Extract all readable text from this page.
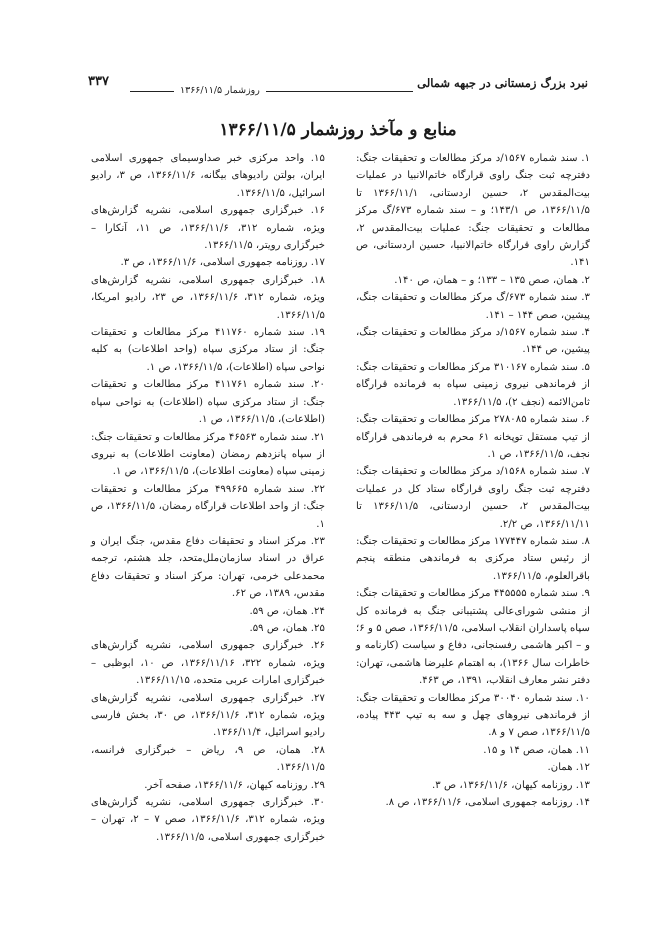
نبرد بزرگ زمستانی در جبهه شمالی
روزشمار ۱۳۶۶/۱۱/۵
۳۳۷
منابع و مآخذ روزشمار ۱۳۶۶/۱۱/۵

۱. سند شماره ۱۵۶۷/د مرکز مطالعات و تحقیقات جنگ: دفترچه ثبت جنگ راوی قرارگاه خاتم‌الانبیا در عملیات بیت‌المقدس ۲، حسین اردستانی، ۱۳۶۶/۱۱/۱ تا ۱۳۶۶/۱۱/۵، ص ۱۴۳/۱؛ و – سند شماره ۶۷۳/گ مرکز مطالعات و تحقیقات جنگ: عملیات بیت‌المقدس ۲، گزارش راوی قرارگاه خاتم‌الانبیا، حسین اردستانی، ص ۱۴۱.

۲. همان، صص ۱۳۵ – ۱۳۳؛ و – همان، ص ۱۴۰.

۳. سند شماره ۶۷۳/گ مرکز مطالعات و تحقیقات جنگ، پیشین، صص ۱۴۴ – ۱۴۱.

۴. سند شماره ۱۵۶۷/د مرکز مطالعات و تحقیقات جنگ، پیشین، ص ۱۴۴.

۵. سند شماره ۳۱۰۱۶۷ مرکز مطالعات و تحقیقات جنگ: از فرماندهی نیروی زمینی سپاه به فرمانده قرارگاه ثامن‌الائمه (نجف ۲)، ۱۳۶۶/۱۱/۵.

۶. سند شماره ۲۷۸۰۸۵ مرکز مطالعات و تحقیقات جنگ: از تیپ مستقل توپخانه ۶۱ محرم به فرماندهی قرارگاه نجف، ۱۳۶۶/۱۱/۵، ص ۱.

۷. سند شماره ۱۵۶۸/د مرکز مطالعات و تحقیقات جنگ: دفترچه ثبت جنگ راوی قرارگاه ستاد کل در عملیات بیت‌المقدس ۲، حسین اردستانی، ۱۳۶۶/۱۱/۵ تا ۱۳۶۶/۱۱/۱۱، ص ۲/۲.

۸. سند شماره ۱۷۷۴۴۷ مرکز مطالعات و تحقیقات جنگ: از رئیس ستاد مرکزی به فرماندهی منطقه پنجم باقرالعلوم، ۱۳۶۶/۱۱/۵.

۹. سند شماره ۴۴۵۵۵۵ مرکز مطالعات و تحقیقات جنگ: از منشی شورای‌عالی پشتیبانی جنگ به فرمانده کل سپاه پاسداران انقلاب اسلامی، ۱۳۶۶/۱۱/۵، صص ۵ و ۶؛ و – اکبر هاشمی رفسنجانی، دفاع و سیاست (کارنامه و خاطرات سال ۱۳۶۶)، به اهتمام علیرضا هاشمی، تهران: دفتر نشر معارف انقلاب، ۱۳۹۱، ص ۴۶۳.

۱۰. سند شماره ۳۰۰۴۰ مرکز مطالعات و تحقیقات جنگ: از فرماندهی نیروهای چهل و سه به تیپ ۴۴۳ پیاده، ۱۳۶۶/۱۱/۵، صص ۷ و ۸.

۱۱. همان، صص ۱۴ و ۱۵.

۱۲. همان.

۱۳. روزنامه کیهان، ۱۳۶۶/۱۱/۶، ص ۳.

۱۴. روزنامه جمهوری اسلامی، ۱۳۶۶/۱۱/۶، ص ۸.

۱۵. واحد مرکزی خبر صداوسیمای جمهوری اسلامی ایران، بولتن رادیوهای بیگانه، ۱۳۶۶/۱۱/۶، ص ۳، رادیو اسرائیل، ۱۳۶۶/۱۱/۵.

۱۶. خبرگزاری جمهوری اسلامی، نشریه گزارش‌های ویژه، شماره ۳۱۲، ۱۳۶۶/۱۱/۶، ص ۱۱، آنکارا – خبرگزاری رویتر، ۱۳۶۶/۱۱/۵.

۱۷. روزنامه جمهوری اسلامی، ۱۳۶۶/۱۱/۶، ص ۳.

۱۸. خبرگزاری جمهوری اسلامی، نشریه گزارش‌های ویژه، شماره ۳۱۲، ۱۳۶۶/۱۱/۶، ص ۲۳، رادیو امریکا، ۱۳۶۶/۱۱/۵.

۱۹. سند شماره ۴۱۱۷۶۰ مرکز مطالعات و تحقیقات جنگ: از ستاد مرکزی سپاه (واحد اطلاعات) به کلیه نواحی سپاه (اطلاعات)، ۱۳۶۶/۱۱/۵، ص ۱.

۲۰. سند شماره ۴۱۱۷۶۱ مرکز مطالعات و تحقیقات جنگ: از ستاد مرکزی سپاه (اطلاعات) به نواحی سپاه (اطلاعات)، ۱۳۶۶/۱۱/۵، ص ۱.

۲۱. سند شماره ۴۶۵۶۳ مرکز مطالعات و تحقیقات جنگ: از سپاه پانزدهم رمضان (معاونت اطلاعات) به نیروی زمینی سپاه (معاونت اطلاعات)، ۱۳۶۶/۱۱/۵، ص ۱.

۲۲. سند شماره ۴۹۹۶۶۵ مرکز مطالعات و تحقیقات جنگ: از واحد اطلاعات قرارگاه رمضان، ۱۳۶۶/۱۱/۵، ص ۱.

۲۳. مرکز اسناد و تحقیقات دفاع مقدس، جنگ ایران و عراق در اسناد سازمان‌ملل‌متحد، جلد هشتم، ترجمه محمدعلی خرمی، تهران: مرکز اسناد و تحقیقات دفاع مقدس، ۱۳۸۹، ص ۶۲.

۲۴. همان، ص ۵۹.

۲۵. همان، ص ۵۹.

۲۶. خبرگزاری جمهوری اسلامی، نشریه گزارش‌های ویژه، شماره ۳۲۲، ۱۳۶۶/۱۱/۱۶، ص ۱۰، ابوظبی – خبرگزاری امارات عربی متحده، ۱۳۶۶/۱۱/۱۵.

۲۷. خبرگزاری جمهوری اسلامی، نشریه گزارش‌های ویژه، شماره ۳۱۲، ۱۳۶۶/۱۱/۶، ص ۳۰، بخش فارسی رادیو اسرائیل، ۱۳۶۶/۱۱/۴.

۲۸. همان، ص ۹، ریاض – خبرگزاری فرانسه، ۱۳۶۶/۱۱/۵.

۲۹. روزنامه کیهان، ۱۳۶۶/۱۱/۶، صفحه آخر.

۳۰. خبرگزاری جمهوری اسلامی، نشریه گزارش‌های ویژه، شماره ۳۱۲، ۱۳۶۶/۱۱/۶، صص ۷ – ۲، تهران – خبرگزاری جمهوری اسلامی، ۱۳۶۶/۱۱/۵.
